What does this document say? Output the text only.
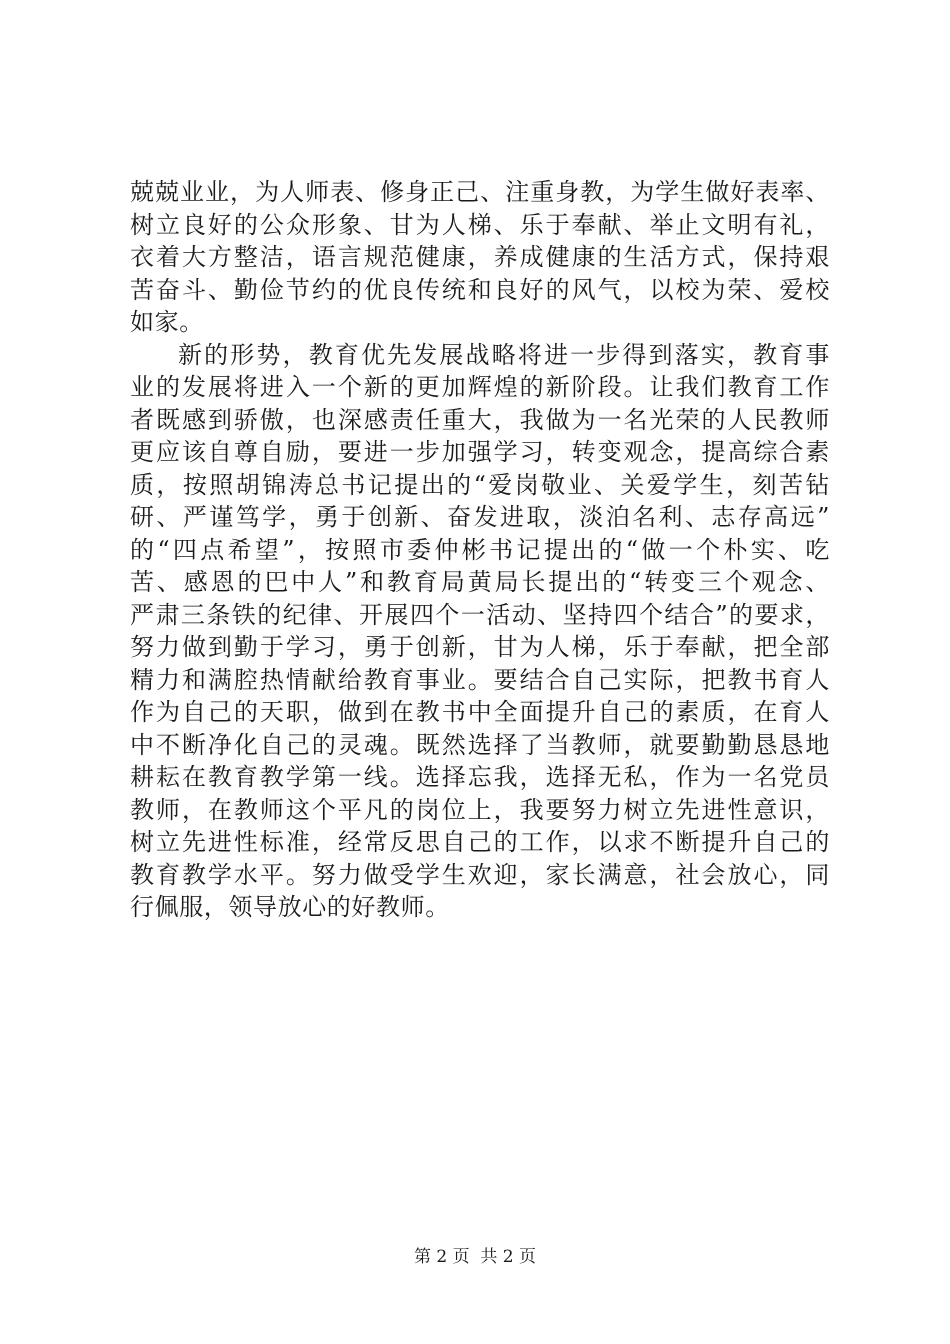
兢兢业业，为人师表、修身正己、注重身教，为学生做好表率、
树立良好的公众形象、甘为人梯、乐于奉献、举止文明有礼，
衣着大方整洁，语言规范健康，养成健康的生活方式，保持艰
苦奋斗、勤俭节约的优良传统和良好的风气，以校为荣、爱校
如家。
新的形势，教育优先发展战略将进一步得到落实，教育事
业的发展将进入一个新的更加辉煌的新阶段。让我们教育工作
者既感到骄傲，也深感责任重大，我做为一名光荣的人民教师
更应该自尊自励，要进一步加强学习，转变观念，提高综合素
质，按照胡锦涛总书记提出的“爱岗敬业、关爱学生，刻苦钻
研、严谨笃学，勇于创新、奋发进取，淡泊名利、志存高远”
的“四点希望”，按照市委仲彬书记提出的“做一个朴实、吃
苦、感恩的巴中人”和教育局黄局长提出的“转变三个观念、
严肃三条铁的纪律、开展四个一活动、坚持四个结合”的要求，
努力做到勤于学习，勇于创新，甘为人梯，乐于奉献，把全部
精力和满腔热情献给教育事业。要结合自己实际，把教书育人
作为自己的天职，做到在教书中全面提升自己的素质，在育人
中不断净化自己的灵魂。既然选择了当教师，就要勤勤恳恳地
耕耘在教育教学第一线。选择忘我，选择无私，作为一名党员
教师，在教师这个平凡的岗位上，我要努力树立先进性意识，
树立先进性标准，经常反思自己的工作，以求不断提升自己的
教育教学水平。努力做受学生欢迎，家长满意，社会放心，同
行佩服，领导放心的好教师。
第 2 页  共 2 页
